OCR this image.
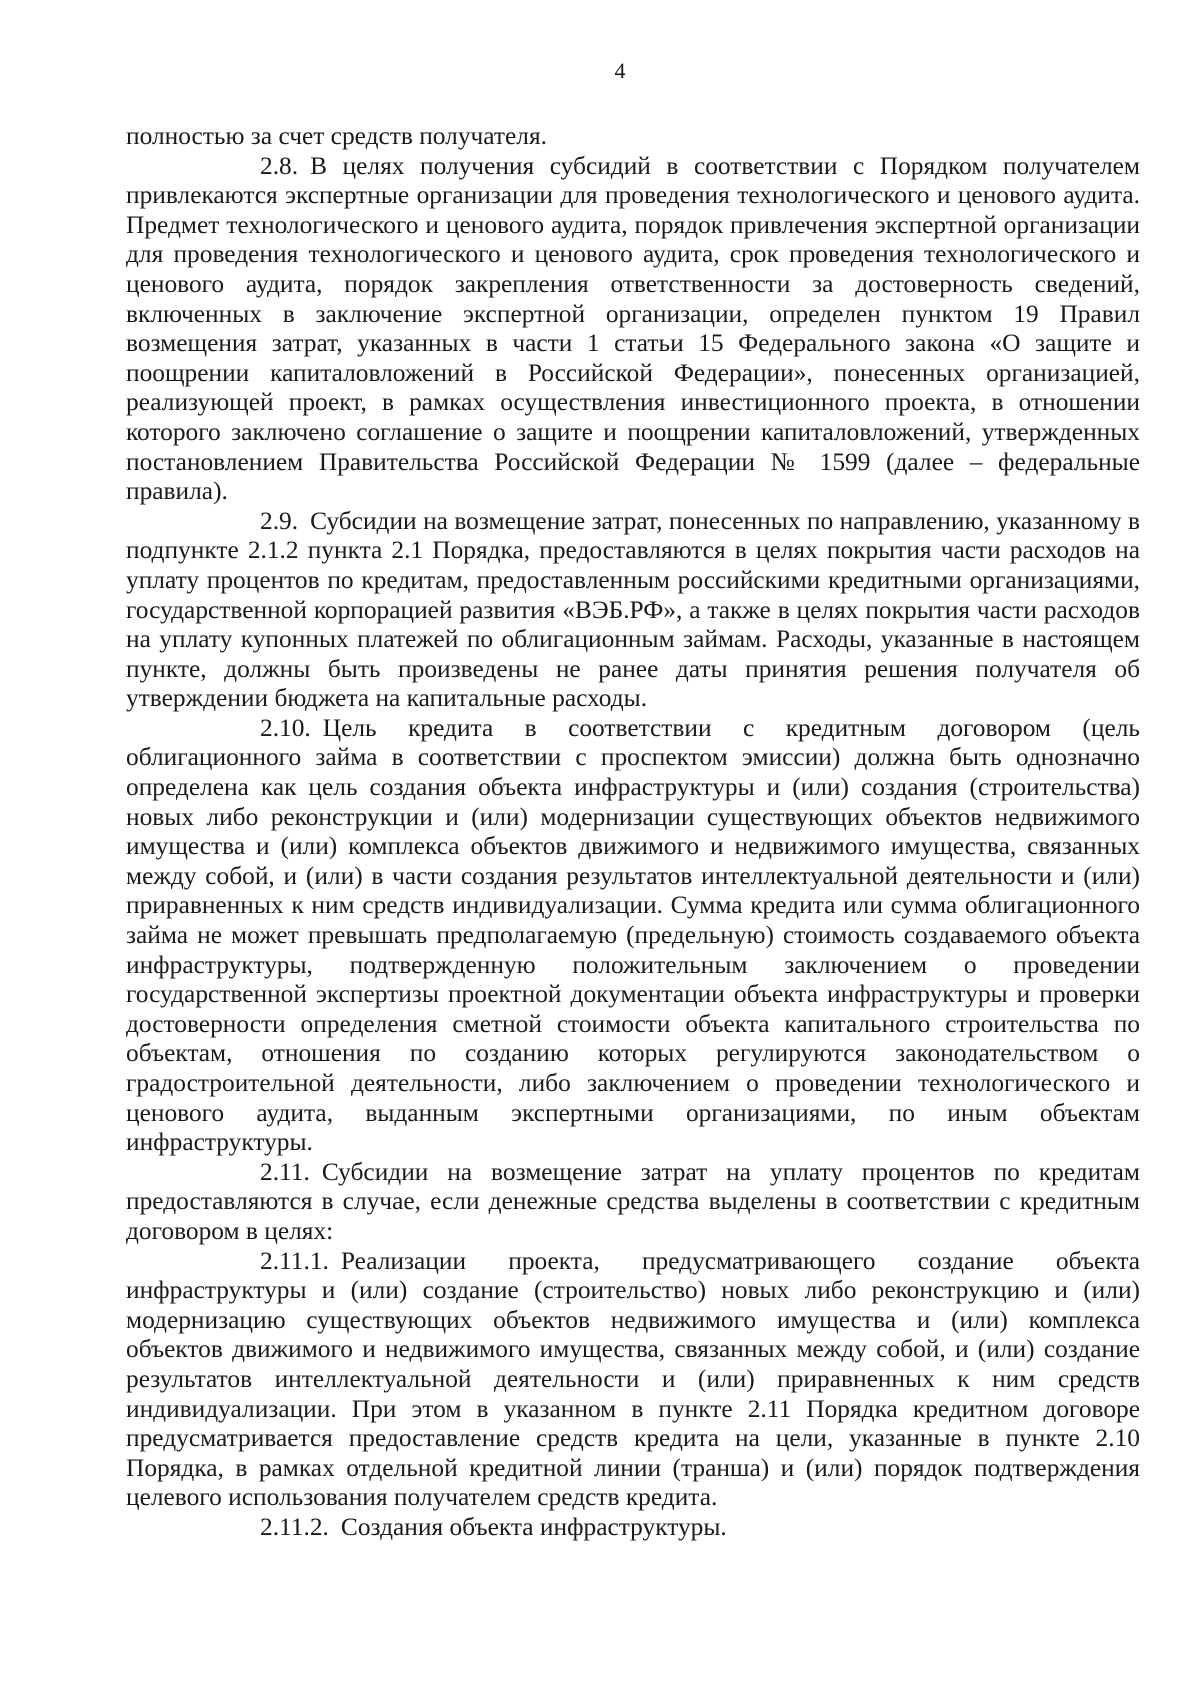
4

полностью за счет средств получателя.

2.8. В целях получения субсидий в соответствии с Порядком получателем привлекаются экспертные организации для проведения технологического и ценового аудита. Предмет технологического и ценового аудита, порядок привлечения экспертной организации для проведения технологического и ценового аудита, срок проведения технологического и ценового аудита, порядок закрепления ответственности за достоверность сведений, включенных в заключение экспертной организации, определен пунктом 19 Правил возмещения затрат, указанных в части 1 статьи 15 Федерального закона «О защите и поощрении капиталовложений в Российской Федерации», понесенных организацией, реализующей проект, в рамках осуществления инвестиционного проекта, в отношении которого заключено соглашение о защите и поощрении капиталовложений, утвержденных постановлением Правительства Российской Федерации № 1599 (далее – федеральные правила).

2.9. Субсидии на возмещение затрат, понесенных по направлению, указанному в подпункте 2.1.2 пункта 2.1 Порядка, предоставляются в целях покрытия части расходов на уплату процентов по кредитам, предоставленным российскими кредитными организациями, государственной корпорацией развития «ВЭБ.РФ», а также в целях покрытия части расходов на уплату купонных платежей по облигационным займам. Расходы, указанные в настоящем пункте, должны быть произведены не ранее даты принятия решения получателя об утверждении бюджета на капитальные расходы.

2.10. Цель кредита в соответствии с кредитным договором (цель облигационного займа в соответствии с проспектом эмиссии) должна быть однозначно определена как цель создания объекта инфраструктуры и (или) создания (строительства) новых либо реконструкции и (или) модернизации существующих объектов недвижимого имущества и (или) комплекса объектов движимого и недвижимого имущества, связанных между собой, и (или) в части создания результатов интеллектуальной деятельности и (или) приравненных к ним средств индивидуализации. Сумма кредита или сумма облигационного займа не может превышать предполагаемую (предельную) стоимость создаваемого объекта инфраструктуры, подтвержденную положительным заключением о проведении государственной экспертизы проектной документации объекта инфраструктуры и проверки достоверности определения сметной стоимости объекта капитального строительства по объектам, отношения по созданию которых регулируются законодательством о градостроительной деятельности, либо заключением о проведении технологического и ценового аудита, выданным экспертными организациями, по иным объектам инфраструктуры.

2.11. Субсидии на возмещение затрат на уплату процентов по кредитам предоставляются в случае, если денежные средства выделены в соответствии с кредитным договором в целях:

2.11.1. Реализации проекта, предусматривающего создание объекта инфраструктуры и (или) создание (строительство) новых либо реконструкцию и (или) модернизацию существующих объектов недвижимого имущества и (или) комплекса объектов движимого и недвижимого имущества, связанных между собой, и (или) создание результатов интеллектуальной деятельности и (или) приравненных к ним средств индивидуализации. При этом в указанном в пункте 2.11 Порядка кредитном договоре предусматривается предоставление средств кредита на цели, указанные в пункте 2.10 Порядка, в рамках отдельной кредитной линии (транша) и (или) порядок подтверждения целевого использования получателем средств кредита.

2.11.2. Создания объекта инфраструктуры.
